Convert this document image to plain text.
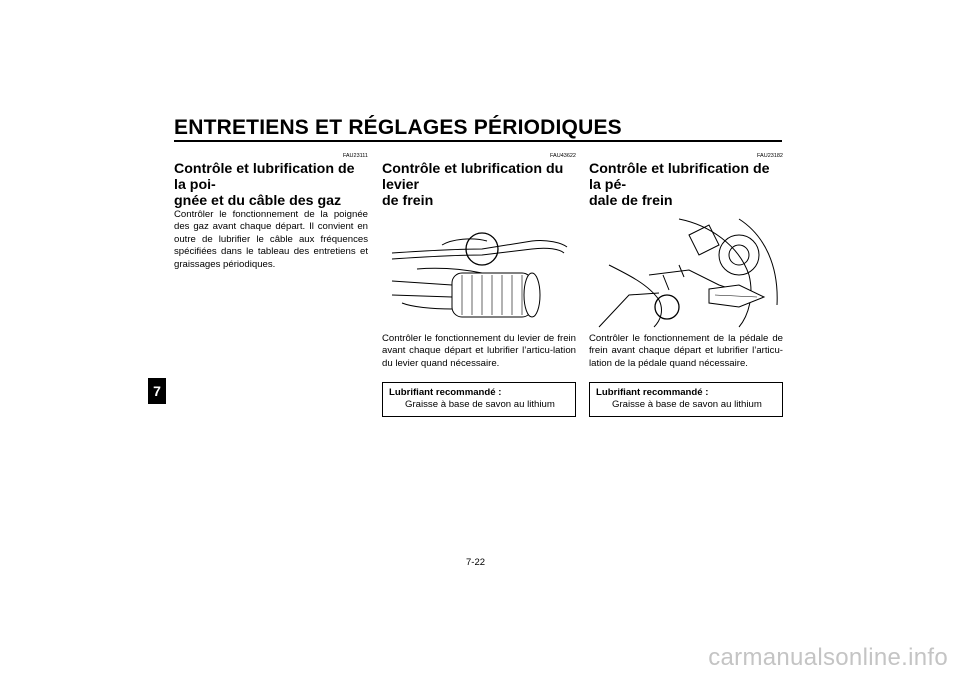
ENTRETIENS ET RÉGLAGES PÉRIODIQUES
7
FAU23111
Contrôle et lubrification de la poi-
gnée et du câble des gaz
Contrôler le fonctionnement de la poignée des gaz avant chaque départ. Il convient en outre de lubrifier le câble aux fréquences spécifiées dans le tableau des entretiens et graissages périodiques.
FAU43622
Contrôle et lubrification du levier
de frein
Contrôler le fonctionnement du levier de frein avant chaque départ et lubrifier l’articu-lation du levier quand nécessaire.
Lubrifiant recommandé :
Graisse à base de savon au lithium
FAU23182
Contrôle et lubrification de la pé-
dale de frein
Contrôler le fonctionnement de la pédale de frein avant chaque départ et lubrifier l’articu-lation de la pédale quand nécessaire.
Lubrifiant recommandé :
Graisse à base de savon au lithium
7-22
carmanualsonline.info
